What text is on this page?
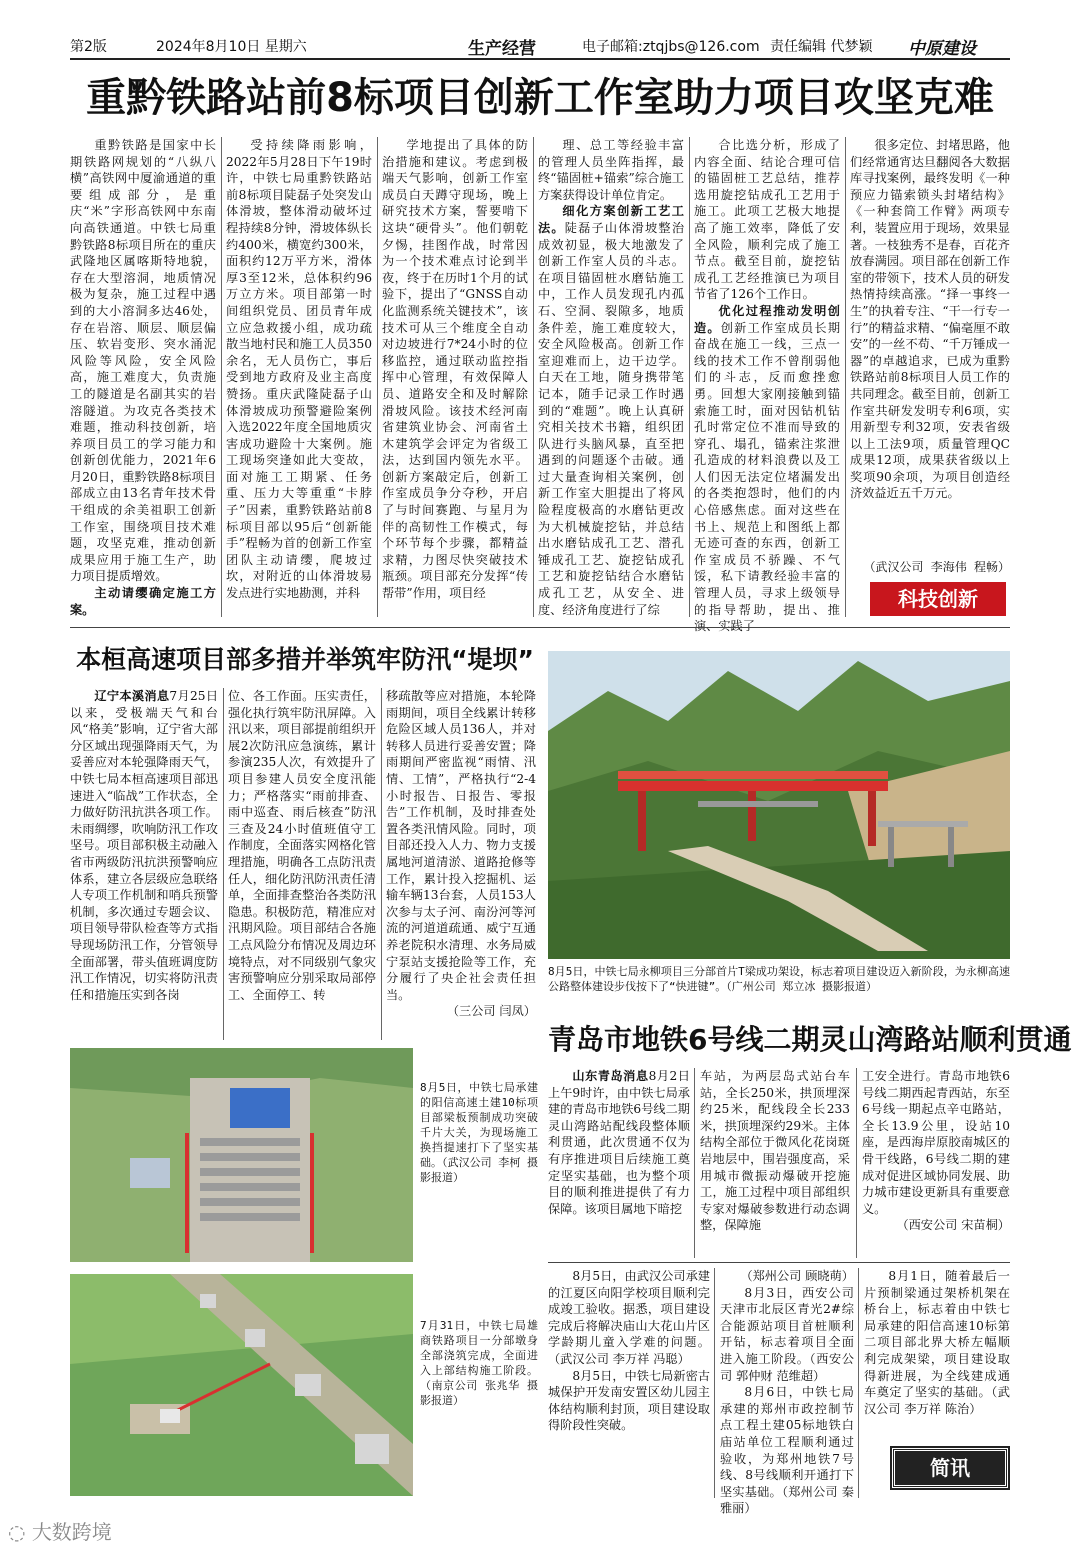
第2版	2024年8月10日 星期六	生产经营	电子邮箱:ztqjbs@126.com 责任编辑 代梦颖 中原建设
重黔铁路站前8标项目创新工作室助力项目攻坚克难

重黔铁路是国家中长期铁路网规划的“八纵八横”高铁网中厦渝通道的重要组成部分，是重庆“米”字形高铁网中东南向高铁通道。中铁七局重黔铁路8标项目所在的重庆武隆地区属喀斯特地貌，存在大型溶洞，地质情况极为复杂，施工过程中遇到的大小溶洞多达46处，存在岩溶、顺层、顺层偏压、软岩变形、突水涌泥风险等风险，安全风险高，施工难度大，负责施工的隧道是名副其实的岩溶隧道。为攻克各类技术难题，推动科技创新，培养项目员工的学习能力和创新创优能力，2021年6月20日，重黔铁路8标项目部成立由13名青年技术骨干组成的余美祖职工创新工作室，围绕项目技术难题，攻坚克难，推动创新成果应用于施工生产，助力项目提质增效。

主动请缨确定施工方案。

受持续降雨影响，2022年5月28日下午19时许，中铁七局重黔铁路站前8标项目陡磊子处突发山体滑坡，整体滑动破坏过程持续8分钟，滑坡体纵长约400米，横宽约300米，面积约12万平方米，滑体厚3至12米，总体积约96万立方米。项目部第一时间组织党员、团员青年成立应急救援小组，成功疏散当地村民和施工人员350余名，无人员伤亡，事后受到地方政府及业主高度赞扬。重庆武隆陡磊子山体滑坡成功预警避险案例入选2022年度全国地质灾害成功避险十大案例。施工现场突逢如此大变故，面对施工工期紧、任务重、压力大等重重“卡脖子”因素，重黔铁路站前8标项目部以95后“创新能手”程畅为首的创新工作室团队主动请缨，爬坡过坎，对附近的山体滑坡易发点进行实地勘测，并科
学地提出了具体的防治措施和建议。考虑到极端天气影响，创新工作室成员白天蹲守现场，晚上研究技术方案，誓要啃下这块“硬骨头”。他们朝乾夕惕，挂图作战，时常因为一个技术难点讨论到半夜，终于在历时1个月的试验下，提出了“GNSS自动化监测系统关键技术”，该技术可从三个维度全自动对边坡进行7*24小时的位移监控，通过联动监控指挥中心管理，有效保障人员、道路安全和及时解除滑坡风险。该技术经河南省建筑业协会、河南省土木建筑学会评定为省级工法，达到国内领先水平。创新方案敲定后，创新工作室成员争分夺秒，开启了与时间赛跑、与星月为伴的高韧性工作模式，每个环节每个步骤，都精益求精，力图尽快突破技术瓶颈。项目部充分发挥“传帮带”作用，项目经

理、总工等经验丰富的管理人员坐阵指挥，最终“锚固桩+锚索”综合施工方案获得设计单位肯定。

细化方案创新工艺工法。陡磊子山体滑坡整治成效初显，极大地激发了创新工作室人员的斗志。在项目锚固桩水磨钻施工中，工作人员发现孔内孤石、空洞、裂隙多，地质条件差，施工难度较大，安全风险极高。创新工作室迎难而上，边干边学。白天在工地，随身携带笔记本，随手记录工作时遇到的“难题”。晚上认真研究相关技术书籍，组织团队进行头脑风暴，直至把遇到的问题逐个击破。通过大量查询相关案例，创新工作室大胆提出了将风险程度极高的水磨钻更改为大机械旋挖钻，并总结出水磨钻成孔工艺、潜孔锤成孔工艺、旋挖钻成孔工艺和旋挖钻结合水磨钻成孔工艺，从安全、进度、经济角度进行了综

合比选分析，形成了内容全面、结论合理可信的锚固桩工艺总结，推荐选用旋挖钻成孔工艺用于施工。此项工艺极大地提高了施工效率，降低了安全风险，顺利完成了施工节点。截至目前，旋挖钻成孔工艺经推演已为项目节省了126个工作日。

优化过程推动发明创造。创新工作室成员长期奋战在施工一线，三点一线的技术工作不曾削弱他们的斗志，反而愈挫愈勇。回想大家刚接触到锚索施工时，面对因钻机钻孔时常定位不准而导致的穿孔、塌孔，锚索注浆泄孔造成的材料浪费以及工人们因无法定位堵漏发出的各类抱怨时，他们的内心倍感焦虑。面对这些在书上、规范上和图纸上都无迹可查的东西，创新工作室成员不骄躁、不气馁，私下请教经验丰富的管理人员，寻求上级领导的指导帮助，提出、推

很多定位、封堵思路，他们经常通宵达旦翻阅各大数据库寻找案例，最终发明《一种预应力锚索锁头封堵结构》《一种套筒工作臂》两项专利，装置应用于现场，效果显著。一枝独秀不是春，百花齐放春满园。项目部在创新工作室的带领下，技术人员的研发热情持续高涨。“择一事终一生”的执着专注、“干一行专一行”的精益求精、“偏毫厘不敢安”的一丝不苟、“千万锤成一器”的卓越追求，已成为重黔铁路站前8标项目人员工作的共同理念。截至目前，创新工作室共研发发明专利6项，实用新型专利32项，安表省级以上工法9项，质量管理QC成果12项，成果获省级以上奖项90余项，为项目创造经济效益近五千万元。
（武汉公司 李海伟 程畅）
科技创新
本桓高速项目部多措并举筑牢防汛“堤坝”

辽宁本溪消息7月25日以来，受极端天气和台风“格美”影响，辽宁省大部分区域出现强降雨天气，为妥善应对本轮强降雨天气，中铁七局本桓高速项目部迅速进入“临战”工作状态，全力做好防汛抗洪各项工作。未雨绸缪，吹响防汛工作攻坚号。项目部积极主动融入省市两级防汛抗洪预警响应体系，建立各层级应急联络人专项工作机制和哨兵预警机制，多次通过专题会议、项目领导带队检查等方式指导现场防汛工作，分管领导全面部署，带头值班调度防汛工作情况，切实将防汛责任和措施压实到各岗

位、各工作面。压实责任，强化执行筑牢防汛屏障。入汛以来，项目部提前组织开展2次防汛应急演练，累计参演235人次，有效提升了项目参建人员安全度汛能力；严格落实“雨前排查、雨中巡查、雨后核查”防汛三查及24小时值班值守工作制度，全面落实网格化管理措施，明确各工点防汛责任人，细化防汛防汛责任清单，全面排查整治各类防汛隐患。积极防范，精准应对汛期风险。项目部结合各施工点风险分布情况及周边环境特点，对不同级别气象灾害预警响应分别采取局部停工、全面停工、转

移疏散等应对措施，本轮降雨期间，项目全线累计转移危险区域人员136人，并对转移人员进行妥善安置；降雨期间严密监视“雨情、汛情、工情”，严格执行“2-4小时报告、日报告、零报告”工作机制，及时排查处置各类汛情风险。同时，项目部还投入人力、物力支援属地河道清淤、道路抢修等工作，累计投入挖掘机、运输车辆13台套，人员153人次参与太子河、南汾河等河流的河道道疏通、威宁互通养老院积水清理、水务局威宁泵站支援抢险等工作，充分履行了央企社会责任担当。

（三公司 闫凤）

8月5日，中铁七局永柳项目三分部首片T梁成功架设，标志着项目建设迈入新阶段，为永柳高速公路整体建设步伐按下了“快进键”。（广州公司 郑立冰 摄影报道）
青岛市地铁6号线二期灵山湾路站顺利贯通

山东青岛消息8月2日上午9时许，由中铁七局承建的青岛市地铁6号线二期灵山湾路站配线段整体顺利贯通，此次贯通不仅为有序推进项目后续施工奠定坚实基础，也为整个项目的顺利推进提供了有力保障。该项目属地下暗挖

车站，为两层岛式站台车站，全长250米，拱顶埋深约25米，配线段全长233米，拱顶埋深约29米。主体结构全部位于微风化花岗斑岩地层中，围岩强度高，采用城市微振动爆破开挖施工，施工过程中项目部组织专家对爆破参数进行动态调整，保障施

工安全进行。青岛市地铁6号线二期西起青西站，东至6号线一期起点辛屯路站，全长13.9公里，设站10座，是西海岸原胶南城区的骨干线路，6号线二期的建成对促进区域协同发展、助力城市建设更新具有重要意义。

（西安公司 宋苗桐）

8月5日，中铁七局承建的阳信高速土建10标项目部梁板预制成功突破千片大关，为现场施工换挡提速打下了坚实基础。（武汉公司 李柯 摄影报道）
7月31日，中铁七局雄商铁路项目一分部墩身全部浇筑完成，全面进入上部结构施工阶段。（南京公司 张兆华 摄影报道）

8月5日，由武汉公司承建的江夏区向阳学校项目顺利完成竣工验收。据悉，项目建设完成后将解决庙山大花山片区学龄期儿童入学难的问题。（武汉公司 李万祥 冯聪）

8月5日，中铁七局新密古城保护开发南安置区幼儿园主体结构顺利封顶，项目建设取得阶段性突破。

（郑州公司 顾晓萌）

8月3日，西安公司天津市北辰区青光2#综合能源站项目首桩顺利开钻，标志着项目全面进入施工阶段。（西安公司 郭仲财 范维超）

8月6日，中铁七局承建的郑州市政控制节点工程土建05标地铁白庙站单位工程顺利通过验收，为郑州地铁7号线、8号线顺利开通打下坚实基础。（郑州公司 秦雅丽）

8月1日，随着最后一片预制梁通过架桥机架在桥台上，标志着由中铁七局承建的阳信高速10标第二项目部北界大桥左幅顺利完成架梁，项目建设取得新进展，为全线建成通车奠定了坚实的基础。（武汉公司 李万祥 陈治）
简讯
◌ 大数跨境
